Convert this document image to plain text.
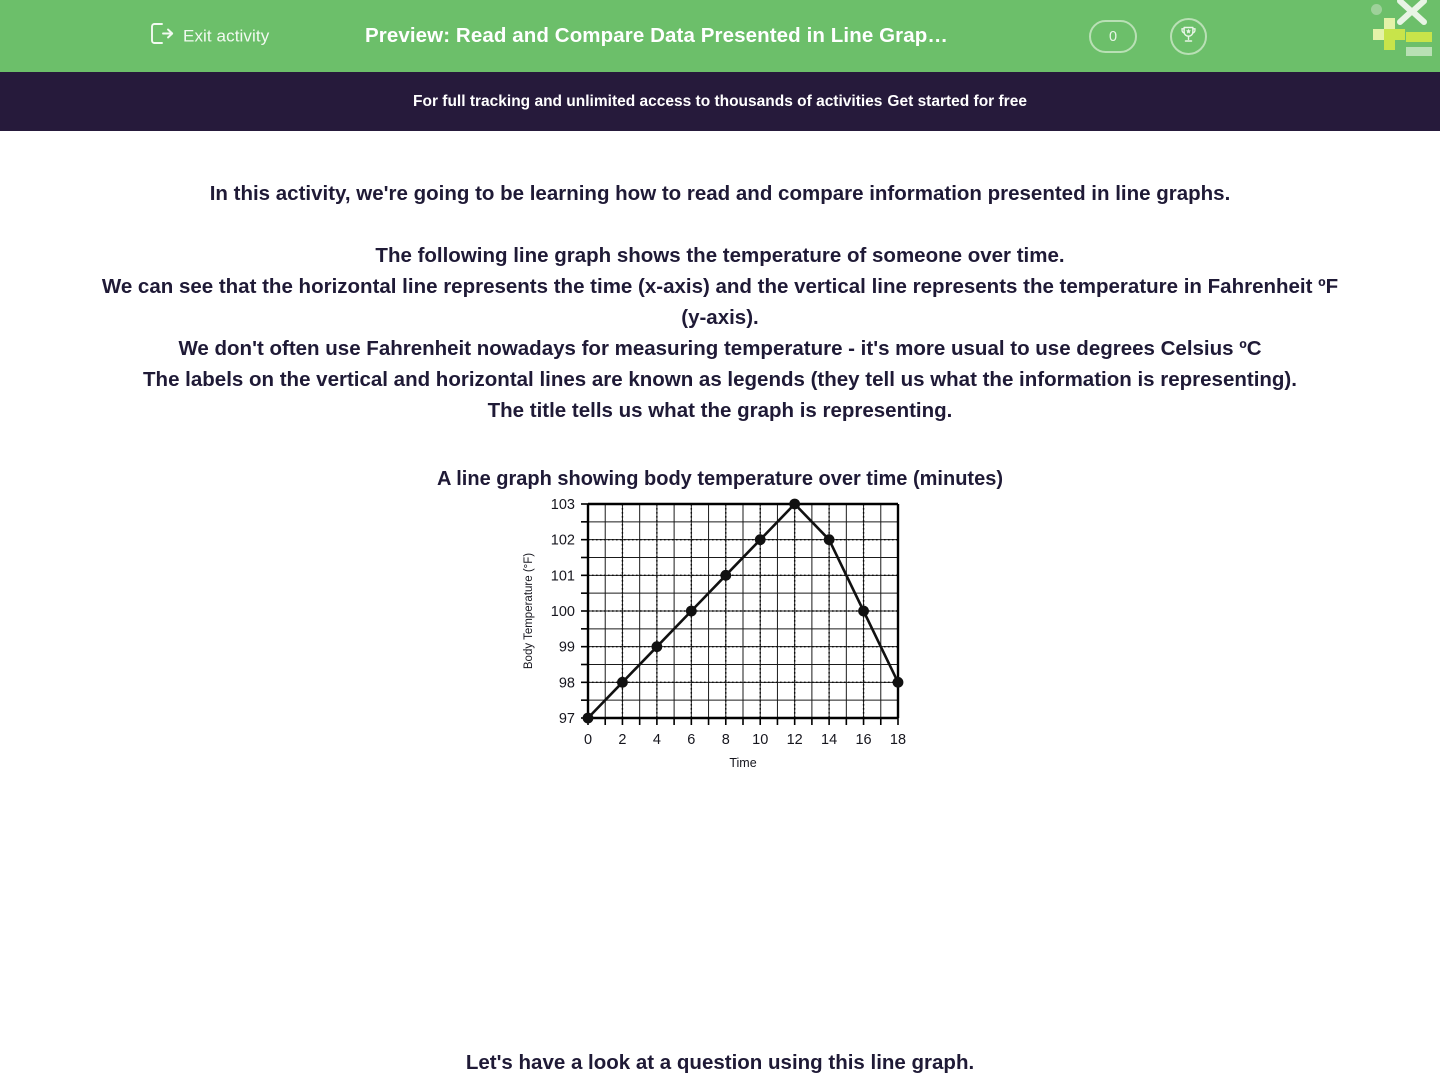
Exit activity	Preview: Read and Compare Data Presented in Line Grap…	0
For full tracking and unlimited access to thousands of activities Get started for free
In this activity, we're going to be learning how to read and compare information presented in line graphs.
The following line graph shows the temperature of someone over time.
We can see that the horizontal line represents the time (x-axis) and the vertical line represents the temperature in Fahrenheit ºF (y-axis).
We don't often use Fahrenheit nowadays for measuring temperature - it's more usual to use degrees Celsius ºC
The labels on the vertical and horizontal lines are known as legends (they tell us what the information is representing).
The title tells us what the graph is representing.
A line graph showing body temperature over time (minutes)
0 2 4 6 8 10 12 14 16 18
97
98
99
100
101
102
103
Time
Body Temperature (°F)
Let's have a look at a question using this line graph.
